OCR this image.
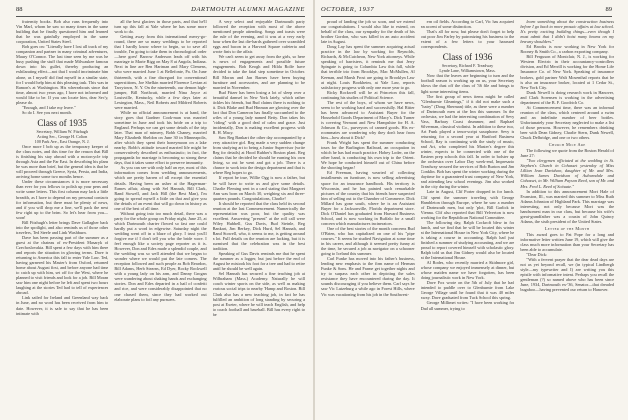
88	DARTMOUTH ALUMNI MAGAZINE

fraternity books. Bob also runs frequently into Vin Marl, whom he saw so many times in the same building that he finally questioned him and learned that he was gainfully employed in the same corporation, United States Steel.

Bob goes on: "Literally have I lost all track of my companion and partner in many criminal adventures, Maury O'Connor. The last time seen by me was he busy pushing the stuff that made Milwaukee famous down into his gullet, thereby producing an exhilarating effect—not that I would incriminate him alone, as I myself did find myself in a similar state, for I would help him at this pleasing task. This was in Ramon's at Washington. His whereabouts since that time, almost two years ago, I have not informed and would like to be. If you can locate him, dear Sec'y, please do.

"Enough, and I take my leave."

So do I. See you next month.

Class of 1935

Secretary, William W. Fitzhugh

Acting Sec., George H. Colton

100 Park Ave., East Orange, N. J.

Once more I bob up as the temporary keeper of the class notes, and this time for the reason that Bill is finishing his stay abroad with a motorcycle trip through Asia and the Far East. In describing his plans he was more than brief, but the general idea is that he will proceed through Greece, Syria, Persia, and India, arriving home some two months hence.

Under these circumstances it is more necessary than ever for you fellows to polish up your pens and write some letters. This first column may lack a little breadth, as I have to depend on my personal contacts for information, but there must be plenty of news, and if you will drop me a line, we'll pack the next few right up to the brim. So let's hear from you—soon!

Bill Fitzhugh's letter brings Dave Gallagher back into the spotlight, and also reminds us of those other travelers, Ted Steele and Link Washburn.

Dave has been passing part of the summer as a guest at the chateau of ex-President Masaryk of Czechoslovakia. Bill spent a few days with him there and reports the situation in glowing terms. Dave is returning to America this fall to enter Yale Law. Ted, having garnered his Master's from Oxford, returned home about August first, and before anyone had time to catch up with him, set off for the West, where he planned to visit friends and look for a job. Bill Moran saw him one night before he left and spent two hours laughing at the stories Ted had to tell of experiences abroad.

Link sailed for Ireland and Greenland way back in June, and no word has been received from him to date. However, it is safe to say that he has been intimate with

all the best glaciers in those parts, and that he'll turn up this fall at Yale where he has some more work to do.

Getting away from this international merry-go-round, there are so many weddings to be reported that I hardly know where to begin, so to save all trouble, I'm going to take them in chronological order—here goes! Barrow Anderson leads off with his marriage to Marie Rigg on May 8 at Angola, Indiana. Next in line are Ben Hartman and Mary Clemens, who were married June 1 at Bellefonte, Pa. On June thirteenth, with a fine disregard for conventional superstitions, Joe Shelkin married Florence Levian at Tarrytown, N. Y. On the nineteenth, our demon high-jumper, Bill Northcutt, married Nina Joyce at Louisville, Kentucky, while a few days later at Lexington, Mass., Neil Roberts and Mildred Roberts were married.

While no official announcement is at hand, the story goes that Gardner Cook-man was married sometime in June and took his bride on a trip to England. Perhaps we can get some details of the trip later. That man of mimery, Bobb Chaney, married Mary Elizabeth Sheldon on June 30 in Minneapolis, after which they spent their honeymoon on a lake nearby. Bobb's attitude toward married life might be conservatively described as enthusiastic; in fact, the propaganda for marriage is becoming so strong these days, that it takes some effort to preserve immunity.

As you can see with only half an eye, most of this information comes from wedding announcements, which are pretty barren of all except the essential details. Having been an usher at the Hagerman-Eames affair, along with Sel Hannah, Bill Clark, Rand Stowell, and Jack Hill (the Best Man), I'm going to spread myself a little on that and give you the details of an event that will go down in history as one of the best of all time.

Without going into too much detail, there was a party for the whole group on Friday night, June 25, at which Dartmouth charter flowed so fast one could hardly put a word in edgewise. Saturday night the wedding went off in a blaze of glory. I trust you'll forgive me if I don't tell you who the bride wore. I feel enough like a society page reporter as it is. However, Don and Edes made a splendid couple, and the wedding was so well attended that we began to wonder where we would put the late comers. The reception followed and such people as Bob Reardon, Bill Adams, Herb Stearns, Ed Dyer, Rocky Rockwell with a young lady on his arm, and Danny Grogan were wandering about shaking hands and exchanging stories. Don and Edes departed in a hail of confetti and rice, and were considerably disappointed that no one chased them, since they had worked out elaborate plans to foil any pursuers.

A very select and enjoyable Dartmouth party followed the reception with most of the above mentioned people attending. Songs and toasts were the rule of the evening, and it was at a very early hour when the last die-hards gathered over scrambled eggs and bacon in a Harvard Square cafeteria and wrote finis to the affair.

We can't seem to get away from the girls, so here is news of engagements and possible future engagements. Bob Keogh and Hilda Rolfe have decided to take the fatal step sometime in October. Bill Moran and Jan Barnes have been buying furniture and accessories, and are planning to be married in November.

Bud Fitzer has been losing a lot of sleep over a beautiful damsel in New York lately, which rather tickles his friends, but Bud claims there is nothing to it. Dick Blake and Bud Hinman are glowing over the fact that Don Cameron has finally succumbed to the wiles of a young lady named Betty. Don takes his "riding" with a good deal of calm and grace. Just incidentally, Don is making excellent progress with R. H. Macy.

Saw Reg Bankart the other day accompanied by a very attractive girl. Reg made a very sudden change from studying art to being a Junior Supervisor (write Reg for details) at Hood Rubber's Boston plant. Reg claims that he decided he should be earning his own living, so out he went and got a job. There is a chance to work into the design department and that is where Reg hopes to go.

If report be true, Willie Ogg is now a father, but he will have to write us and give some details. Charlie Fleming sent in a card stating that Margaret Ann was born on March 30, weighing six and three-quarters pounds. Congratulations, Charlie!

It should be reported that the class held its second reunion at the last Commencement. Numerically the representation was poor, but the quality was excellent. Answering "present" at the roll call were Wiley Hubbell, Gus Davis, Bud Steinle, Reg Bankart, Jim Berkey, Dick Hurd, Sel Hannah, and Rand Stowell, who, it seems to me, is getting around a lot. Full details on the reunion are lacking, but it is surmised that the celebration was in the best tradition.

Speaking of Gus Davis reminds me that he spent the summer as a logger, but just before the end of August he mistook his foot for a tree and had to retire until he should be well again.

Sel Hannah has secured a fine teaching job at Wilbraham (Mass.) Academy. Naturally he will coach winter sports on the side, as well as making various social trips to nearby 'Hamp and Boston. Bill Clark also has a new teaching job, in fact he has fulfilled an ambition of long standing by securing a post at Exeter, where he will teach English, and help to coach football and baseball. Bill has every right to be

OCTOBER, 1937	89

proud of landing the job so soon, and we extend our congratulations. I would also like to extend, on behalf of the class, our sympathy for the death of his brother Gordon, who was killed in an auto accident late in August.

Doug Lay has spent the summer acquiring actual practice in the law by working for Reynolds, Richards, & McCutcheon, New York attorneys. While speaking of barristers, it reminds me that Jerry Spingate is going to Columbia Law this fall, while that terrible trio from Brooklyn, Mac McMullen, Al Keenan, and Marsh Frost are going to Brooklyn Law at night. Louis Bookheim, at Yale Law, reports satisfactory progress with only one more year to go.

Ricky Rockwell will be at Princeton this fall, continuing his studies of Political Science.

The rest of the boys, of whom we have news, seem to be working hard and successfully. Hal Ritter has been advanced to Assistant Buyer for the Household Goods Department of Macy's. Dick Turner is covering Vermont and New Hampshire for H. A. Johnson & Co., purveyors of canned goods. His ex-roommates are wondering why they don't hear from him—how about it Dick?

Frank Wright has spent the summer conducting tours for the Burlington Railroad, an occupation in which he has had much practice. Hobey Loder, on the other hand, is conducting his own trip to the Orient. We hope he conducted himself out of China before the shooting began!

Ed Freeman, having wearied of collecting installments on furniture, is now selling advertising space for an insurance handbook. His territory is Wisconsin, and he has painted such remarkable pictures of the country that his friends have suspected him of selling out to the Chamber of Commerce. Dick Millard has gone south, where he is an Assistant Buyer for a Jacksonville, Florida department store. Dick O'Daniel has graduated from Harvard Business School, and is now working in Buffalo for a small concern which manufactures incinerators.

One of the best stories of the month concerns Bud O'Brien, who has capitalized on one of his "pipe courses." It seems he studied Navigation at some time in his career, and although it seemed pretty funny at the time, he secured a job as navigator on a schooner going to Iceland this summer.

Carl Funke has moved into his father's business, lending new emphasis to the firm name of Herman Funke & Sons. He and Frame get together nights and try to surpass each other in depicting the sales resistance they have encountered during the day. It sounds discouraging if you believe them. Carl says he saw Vic Lutzeburg a while ago in Forest Hills, where Vic was vacationing from his job in the Southwest-

ern oil fields. According to Carl, Vic has acquired an accent of some distinction.

That's all for now, but please don't forget to help out poor Jim Farley by patronizing his business to the extent of a few letters to your harassed correspondents.

Class of 1936

Secretary, Richard F. Treadway

Lynde Lane, Williamstown, Mass.

Now that the leaves are beginning to turn and the football season is working up on us, your Secretary blows the dust off the class of '36 file and brings to light some interesting items.

The first group of news items might be called "Glenburnie Gleanings," if it did not make such a "hairy" (Doug Sherman) title, as there were a number of Dartmouth men at the Inn this summer. In the orchestra, we had the interesting combination of Sevy Vass, Barbary Coast drummer, and Raphael Silverman, classical violinist. In addition to these two, Art Funk played a tenor-script saxophone. Sevy is returning for a second year at Hartford Business School, Ray is continuing with the study of music, and Art, who completed his Master's degree this winter, expects to be connected with one of the Eastern prep schools this fall. In order to bolster up the orchestra over Labor Day week-end, Impresario Treadway secured the services of Bob Burton and Jim Conklin. Bob has spent the winter working during the daytime for a guaranteed trust company of New York, and attending law school evenings. Jim also worked in the city during the winter.

Late in August, Clif Porter dropped in for lunch. Clif spent the summer traveling with George Hambleton through Europe, where he saw a number of Dartmouth men, but only 'plot, Bill Garlick in Vienna. Clif also reported that Bill Yelverton is now working for the Republican National Committee.

The following day, Ralph Cockroft blew in for lunch, and we find that he will be located this winter at the International House in New York City, where he is taking a course in accounting. Ralph had just finished a summer of studying accounting, and we are proud to report covered himself with scholastic glory. Ralph told us that Jim Gidney would also be located at the International House.

Al Rodes, who recently married a Skidmore girl, whose company we enjoyed immensely at dinner, but whose maiden name we have forgotten, has been doing journalistic work in New York.

Dave Fox wrote on the 5th of July that he had intended to paddle over to Glenburnie from Lake George Village until he found that it was 40 miles away. Dave graduated from Tuck School this spring.

George Millimet writes: "I have been working for Dad all summer, trying to

learn something about the construction business before I go back to more prosaic affairs at law school. It's pretty exciting building things—even though I must admit that I didn't hoist many beams on my brawny shoulders."

Ed Brooks is now working in New York for Rooney & Smith Co., a carbon exporting company.

Bill Ferguson of Montclair, N. J., is working for Western Electric in their accountancy-controllers division, and Ed Merrill is working for the Home Life Insurance Co. of New York. Speaking of insurance brokers, gold partner Walt Mosenthal reports that he is also an insurance broker, located at 1 Cedar St., New York City.

Dunk Newell is doing research work in Hanover, and Clark Sorensen is working in the advertising department of the B. F. Goodrich Co.

At Commencement time, there was an informal reunion of the class, which centered around a swim and an indefinite number of beer bottles. Unfortunately your Secretary neglected to make a list of those persons. However, he remembers drinking beer with Dean Gidney, Charlie Stern, Dunk Newell, Chuck Delbridge, and one or two others.

Church Mice Are

The following we quote from the Boston Herald of June 27:

"Two clergymen officiated at the wedding in St. Stephen's Church in Cohasset yesterday of Miss Lillian Jean Davidson, daughter of Mr. and Mrs. William James Davidson of Auburndale and Cohasset, to Mr. William Payson Reed, son of Mr. and Mrs. Fred L. Reed of Scituate."

In addition to this announcement Mort Hale of Evanston, Ill., was married this summer to Miss Ruth Adams Johnston of Highland Park. This marriage was interesting, not only because Mort was the handsomest man in our class, but because his wife's great-grandfather was a cousin of John Quincy Adams, the sixth president of the United States.

Letter of the Month

This award goes to Pat Pope for a long and informative letter written June 19, which will give the class much more information than your Secretary has been able to accumulate.

"Dear Dick:

"With a fervent prayer that the dear dead days are not as yet beyond recall, we (in typical Lindbergh style—my typewriter and I) are writing you this epistle with informative intent. Perhaps you recall the gentleman (?) so named above who has been since June, 1934, Dartmouth ex-'36, Senator—that dreaded bugaboo—having prevented our return to Hanover.
